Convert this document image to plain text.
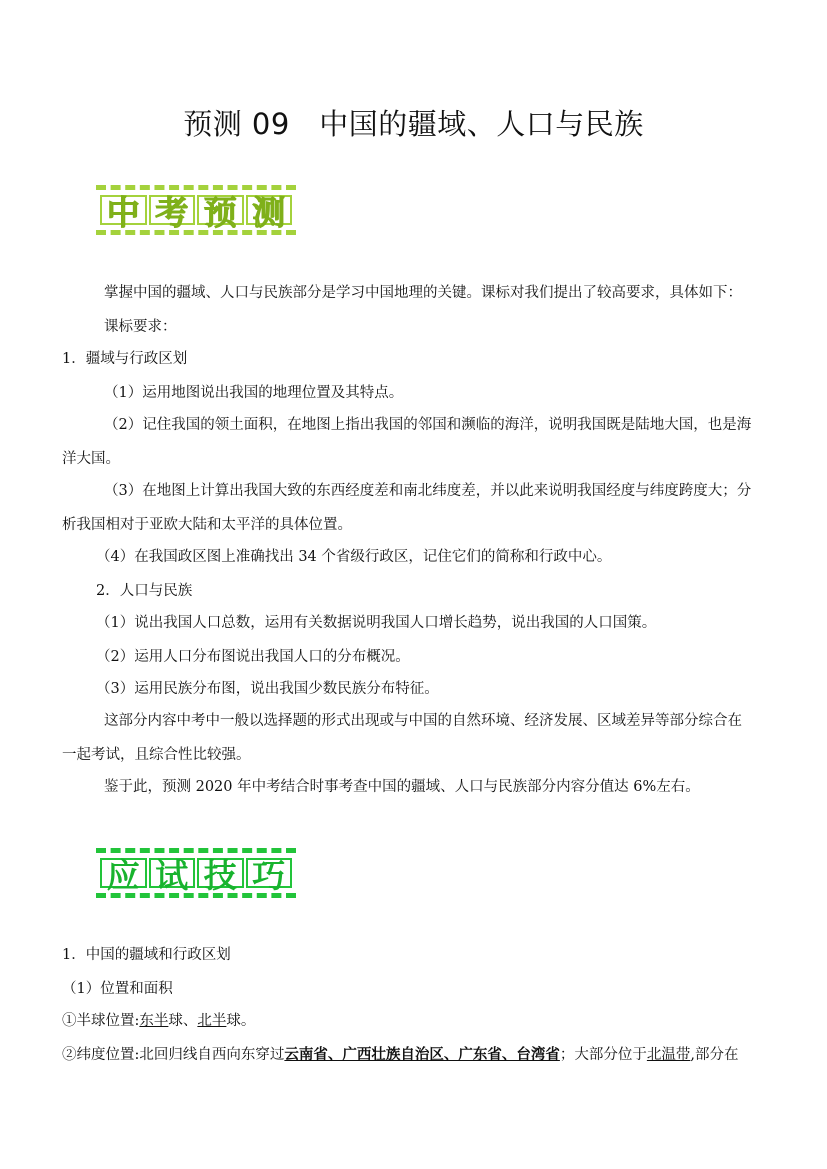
预测 09　中国的疆域、人口与民族
中 考 预 测
掌握中国的疆域、人口与民族部分是学习中国地理的关键。课标对我们提出了较高要求，具体如下：
课标要求：
1．疆域与行政区划
（1）运用地图说出我国的地理位置及其特点。
（2）记住我国的领土面积，在地图上指出我国的邻国和濒临的海洋，说明我国既是陆地大国，也是海
洋大国。
（3）在地图上计算出我国大致的东西经度差和南北纬度差，并以此来说明我国经度与纬度跨度大；分
析我国相对于亚欧大陆和太平洋的具体位置。
（4）在我国政区图上准确找出 34 个省级行政区，记住它们的简称和行政中心。
2．人口与民族
（1）说出我国人口总数，运用有关数据说明我国人口增长趋势，说出我国的人口国策。
（2）运用人口分布图说出我国人口的分布概况。
（3）运用民族分布图，说出我国少数民族分布特征。
这部分内容中考中一般以选择题的形式出现或与中国的自然环境、经济发展、区域差异等部分综合在
一起考试，且综合性比较强。
鉴于此，预测 2020 年中考结合时事考查中国的疆域、人口与民族部分内容分值达 6%左右。
应 试 技 巧
1．中国的疆域和行政区划
（1）位置和面积
①半球位置:东半球、北半球。
②纬度位置:北回归线自西向东穿过云南省、广西壮族自治区、广东省、台湾省；大部分位于北温带,部分在
